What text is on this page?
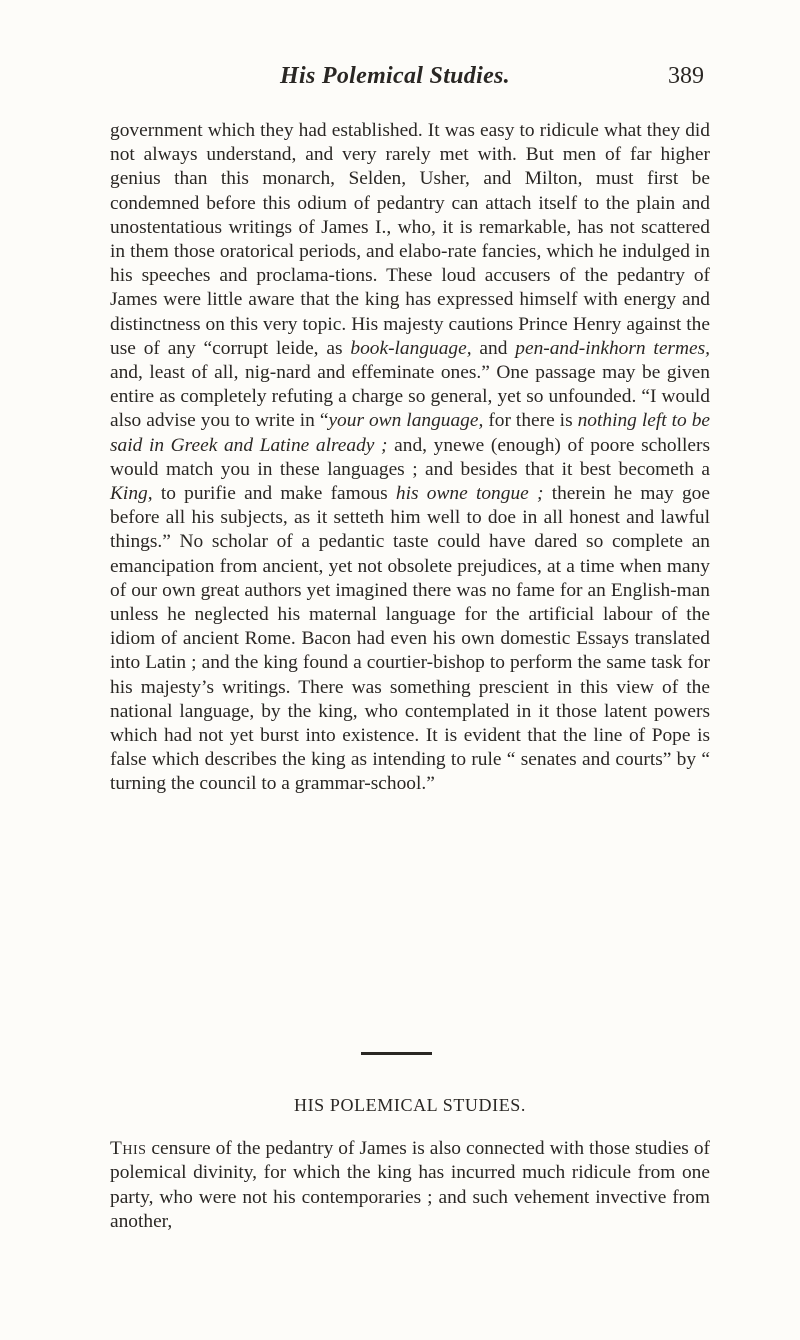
His Polemical Studies.	389

government which they had established. It was easy to ridicule what they did not always understand, and very rarely met with. But men of far higher genius than this monarch, Selden, Usher, and Milton, must first be condemned before this odium of pedantry can attach itself to the plain and unostentatious writings of James I., who, it is remarkable, has not scattered in them those oratorical periods, and elabo-rate fancies, which he indulged in his speeches and proclama-tions. These loud accusers of the pedantry of James were little aware that the king has expressed himself with energy and distinctness on this very topic. His majesty cautions Prince Henry against the use of any “corrupt leide, as book-language, and pen-and-inkhorn termes, and, least of all, nig-nard and effeminate ones.” One passage may be given entire as completely refuting a charge so general, yet so unfounded. “I would also advise you to write in “your own language, for there is nothing left to be said in Greek and Latine already ; and, ynewe (enough) of poore schollers would match you in these languages ; and besides that it best becometh a King, to purifie and make famous his owne tongue ; therein he may goe before all his subjects, as it setteth him well to doe in all honest and lawful things.” No scholar of a pedantic taste could have dared so complete an emancipation from ancient, yet not obsolete prejudices, at a time when many of our own great authors yet imagined there was no fame for an English-man unless he neglected his maternal language for the artificial labour of the idiom of ancient Rome. Bacon had even his own domestic Essays translated into Latin ; and the king found a courtier-bishop to perform the same task for his majesty’s writings. There was something prescient in this view of the national language, by the king, who contemplated in it those latent powers which had not yet burst into existence. It is evident that the line of Pope is false which describes the king as intending to rule “ senates and courts” by “ turning the council to a grammar-school.”

HIS POLEMICAL STUDIES.

This censure of the pedantry of James is also connected with those studies of polemical divinity, for which the king has incurred much ridicule from one party, who were not his contemporaries ; and such vehement invective from another,
